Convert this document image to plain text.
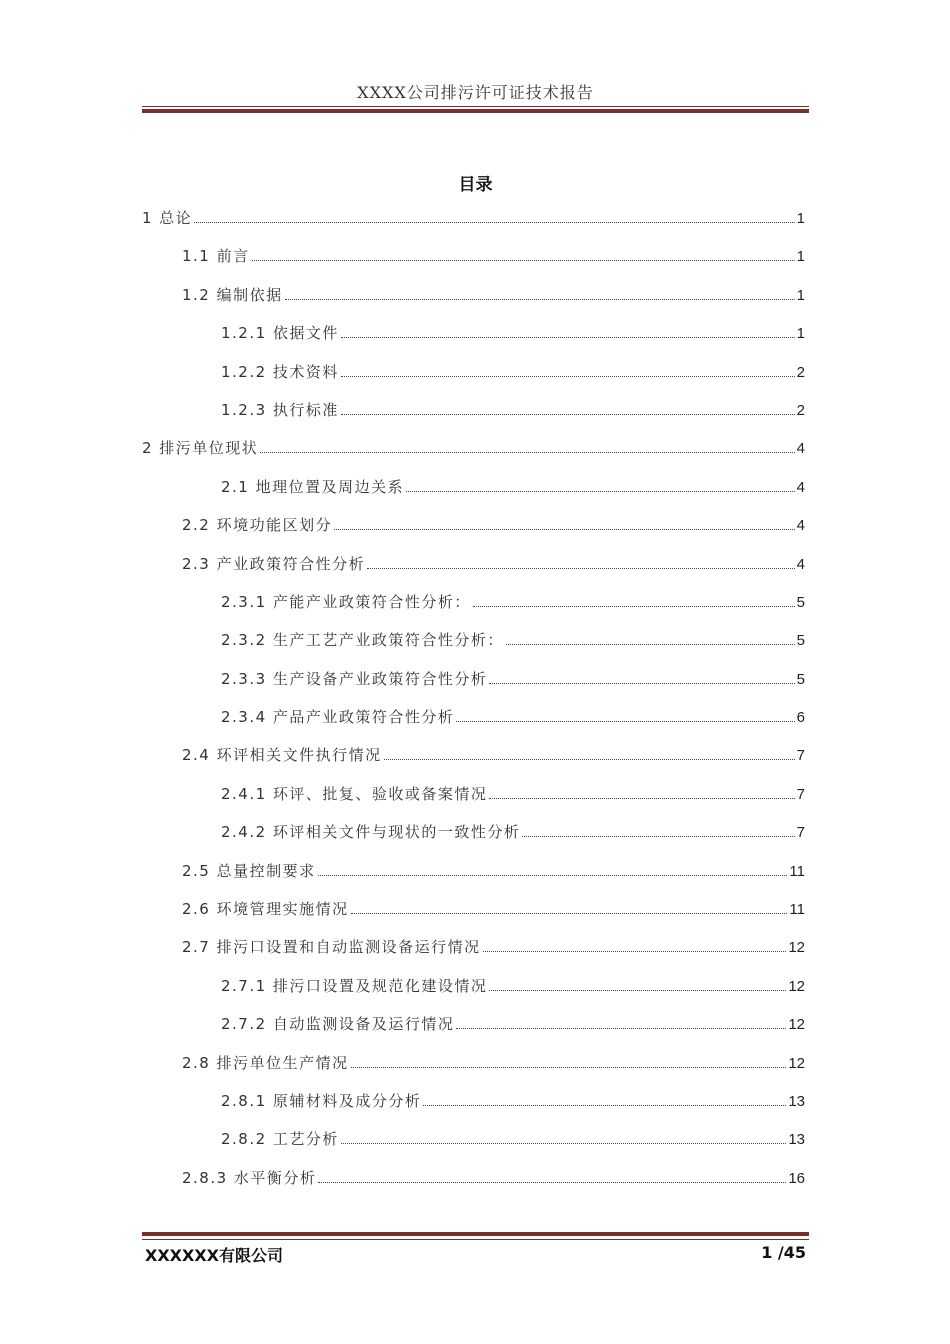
XXXX公司排污许可证技术报告
目录
1 总论	1
1.1 前言	1
1.2 编制依据	1
1.2.1 依据文件	1
1.2.2 技术资料	2
1.2.3 执行标准	2
2 排污单位现状	4
2.1 地理位置及周边关系	4
2.2 环境功能区划分	4
2.3 产业政策符合性分析	4
2.3.1 产能产业政策符合性分析：	5
2.3.2 生产工艺产业政策符合性分析：	5
2.3.3 生产设备产业政策符合性分析	5
2.3.4 产品产业政策符合性分析	6
2.4 环评相关文件执行情况	7
2.4.1 环评、批复、验收或备案情况	7
2.4.2 环评相关文件与现状的一致性分析	7
2.5 总量控制要求	11
2.6 环境管理实施情况	11
2.7 排污口设置和自动监测设备运行情况	12
2.7.1 排污口设置及规范化建设情况	12
2.7.2 自动监测设备及运行情况	12
2.8 排污单位生产情况	12
2.8.1 原辅材料及成分分析	13
2.8.2 工艺分析	13
2.8.3 水平衡分析	16
XXXXXX有限公司	1 /45
